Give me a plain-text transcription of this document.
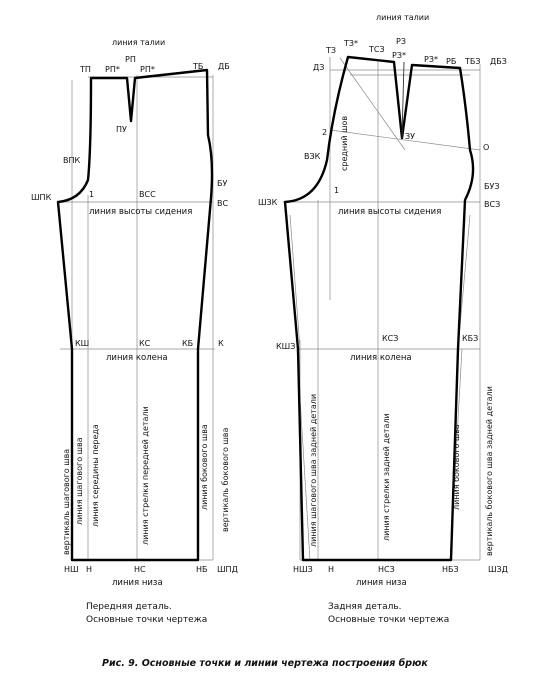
линия талии
ТП РП*
РП
РП*	ТБ ДБ
ПУ
ВПК
ШПК	1	ВСС
БУ
ВС
линия высоты сидения
КШ	КС	КБ	К
линия колена
вертикаль шагового шва линия шагового шва линия середины переда	линия стрелки передней детали	линия бокового шва вертикаль бокового шва
НШ Н	НС	НБ ШПД
линия низа
Передняя деталь.
Основные точки чертежа
линия талии
ТЗ
ТЗ*
ТСЗ
РЗ
РЗ* РЗ* РБ ТБЗ ДБЗ
ДЗ
2 средний шов	ЗУ
О
ВЗК
ШЗК
1	БУЗ
ВСЗ
линия высоты сидения
КШЗ
КСЗ	КБЗ
линия колена
линия шагового шва задней детали	линия стрелки задней детали	линия бокового шва	вертикаль бокового шва задней детали
НШЗ Н	НСЗ	НБЗ	ШЗД
линия низа
Задняя деталь.
Основные точки чертежа
Рис. 9. Основные точки и линии чертежа построения брюк
